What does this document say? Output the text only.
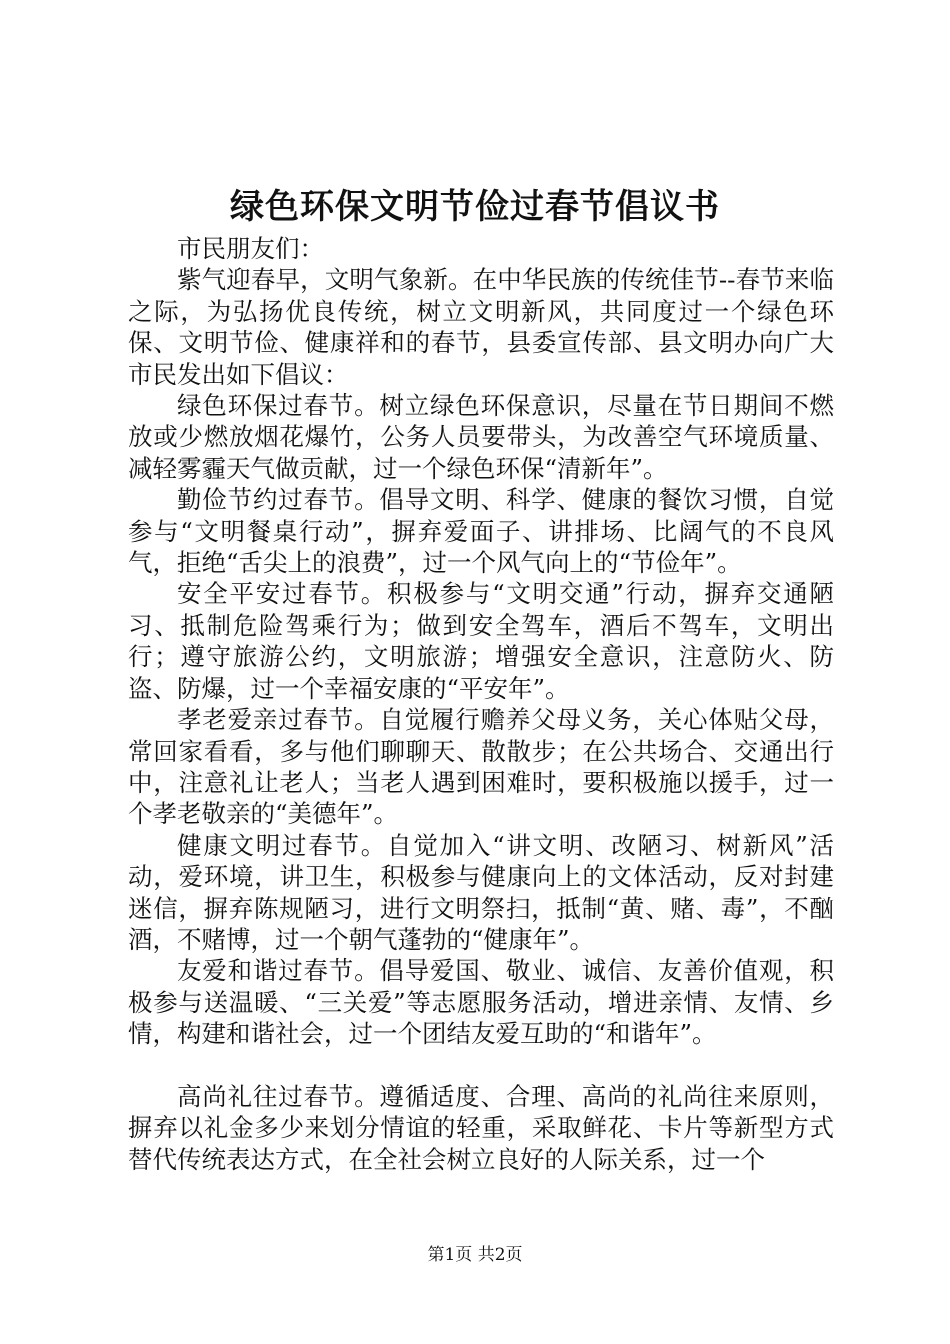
绿色环保文明节俭过春节倡议书

市民朋友们：

紫气迎春早，文明气象新。在中华民族的传统佳节--春节来临之际，为弘扬优良传统，树立文明新风，共同度过一个绿色环保、文明节俭、健康祥和的春节，县委宣传部、县文明办向广大市民发出如下倡议：

绿色环保过春节。树立绿色环保意识，尽量在节日期间不燃放或少燃放烟花爆竹，公务人员要带头，为改善空气环境质量、减轻雾霾天气做贡献，过一个绿色环保“清新年”。

勤俭节约过春节。倡导文明、科学、健康的餐饮习惯，自觉参与“文明餐桌行动”，摒弃爱面子、讲排场、比阔气的不良风气，拒绝“舌尖上的浪费”，过一个风气向上的“节俭年”。

安全平安过春节。积极参与“文明交通”行动，摒弃交通陋习、抵制危险驾乘行为；做到安全驾车，酒后不驾车，文明出行；遵守旅游公约，文明旅游；增强安全意识，注意防火、防盗、防爆，过一个幸福安康的“平安年”。

孝老爱亲过春节。自觉履行赡养父母义务，关心体贴父母，常回家看看，多与他们聊聊天、散散步；在公共场合、交通出行中，注意礼让老人；当老人遇到困难时，要积极施以援手，过一个孝老敬亲的“美德年”。

健康文明过春节。自觉加入“讲文明、改陋习、树新风”活动，爱环境，讲卫生，积极参与健康向上的文体活动，反对封建迷信，摒弃陈规陋习，进行文明祭扫，抵制“黄、赌、毒”，不酗酒，不赌博，过一个朝气蓬勃的“健康年”。

友爱和谐过春节。倡导爱国、敬业、诚信、友善价值观，积极参与送温暖、“三关爱”等志愿服务活动，增进亲情、友情、乡情，构建和谐社会，过一个团结友爱互助的“和谐年”。

高尚礼往过春节。遵循适度、合理、高尚的礼尚往来原则，摒弃以礼金多少来划分情谊的轻重，采取鲜花、卡片等新型方式替代传统表达方式，在全社会树立良好的人际关系，过一个

第1页 共2页
